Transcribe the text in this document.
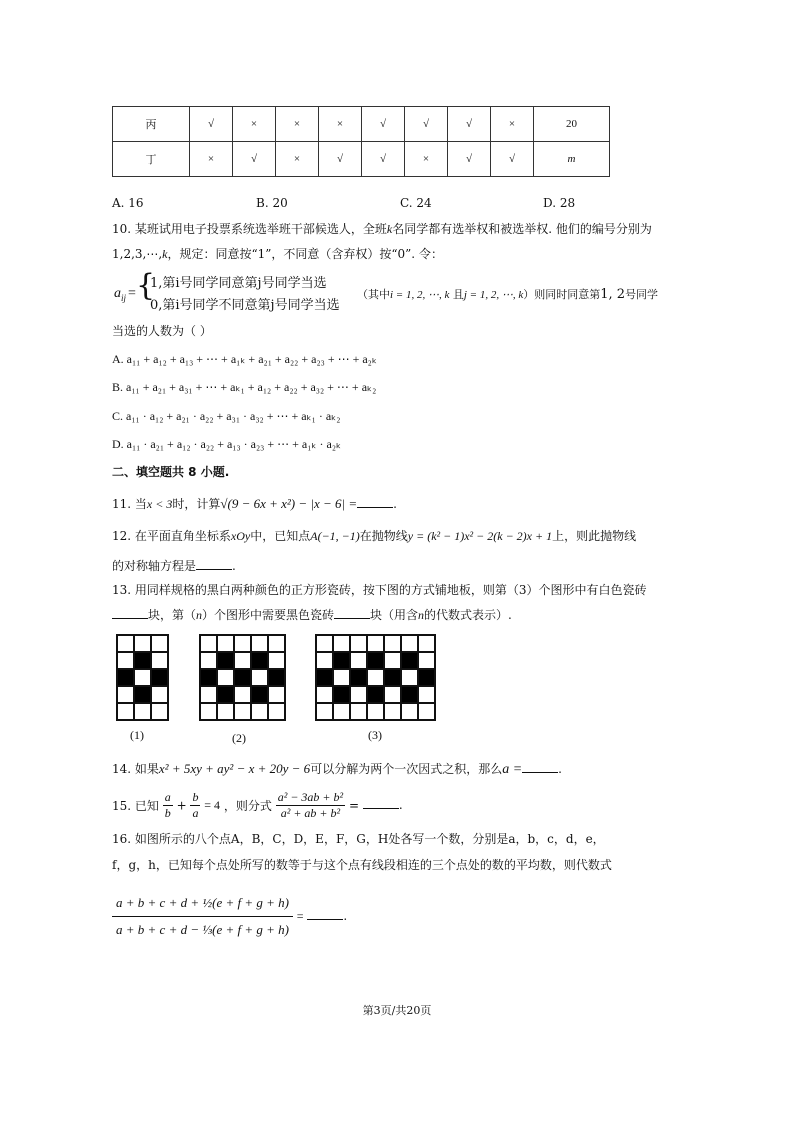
丙	√	×	×	×	√	√	√	×	20
丁	×	√	×	√	√	×	√	√	m
A. 16	B. 20	C. 24	D. 28
10. 某班试用电子投票系统选举班干部候选人，全班k名同学都有选举权和被选举权. 他们的编号分别为
1,2,3,⋯,k，规定：同意按“1”，不同意（含弃权）按“0”. 令：
$a_{ij}$ = {
1,第i号同学同意第j号同学当选
0,第i号同学不同意第j号同学当选
（其中i = 1, 2, ⋯, k 且j = 1, 2, ⋯, k）则同时同意第1, 2号同学
当选的人数为（ ）
A. a₁₁ + a₁₂ + a₁₃ + ⋯ + a₁ₖ + a₂₁ + a₂₂ + a₂₃ + ⋯ + a₂ₖ
B. a₁₁ + a₂₁ + a₃₁ + ⋯ + aₖ₁ + a₁₂ + a₂₂ + a₃₂ + ⋯ + aₖ₂
C. a₁₁ · a₁₂ + a₂₁ · a₂₂ + a₃₁ · a₃₂ + ⋯ + aₖ₁ · aₖ₂
D. a₁₁ · a₂₁ + a₁₂ · a₂₂ + a₁₃ · a₂₃ + ⋯ + a₁ₖ · a₂ₖ
二、填空题共 8 小题.
11. 当x < 3时，计算√(9 − 6x + x²) − |x − 6| =	.
12. 在平面直角坐标系xOy中，已知点A(−1, −1)在抛物线y = (k² − 1)x² − 2(k − 2)x + 1上，则此抛物线
的对称轴方程是	.
13. 用同样规格的黑白两种颜色的正方形瓷砖，按下图的方式铺地板，则第（3）个图形中有白色瓷砖
块，第（n）个图形中需要黑色瓷砖	块（用含n的代数式表示）.
(1)	(2)	(3)
14. 如果x² + 5xy + ay² − x + 20y − 6可以分解为两个一次因式之积，那么a =	.
15. 已知 $\frac{a}{b} + \frac{b}{a} = 4$ ，则分式 $\frac{\text{a² − 3ab + b²}}{\text{a² + ab + b²}}$ =	.
16. 如图所示的八个点A，B，C，D，E，F，G，H处各写一个数，分别是a，b，c，d，e，
f，g，h，已知每个点处所写的数等于与这个点有线段相连的三个点处的数的平均数，则代数式
$\frac{\text{a + b + c + d + ½(e + f + g + h)}}{\text{a + b + c + d − ⅓(e + f + g + h)}}$ =	.
第3页/共20页
